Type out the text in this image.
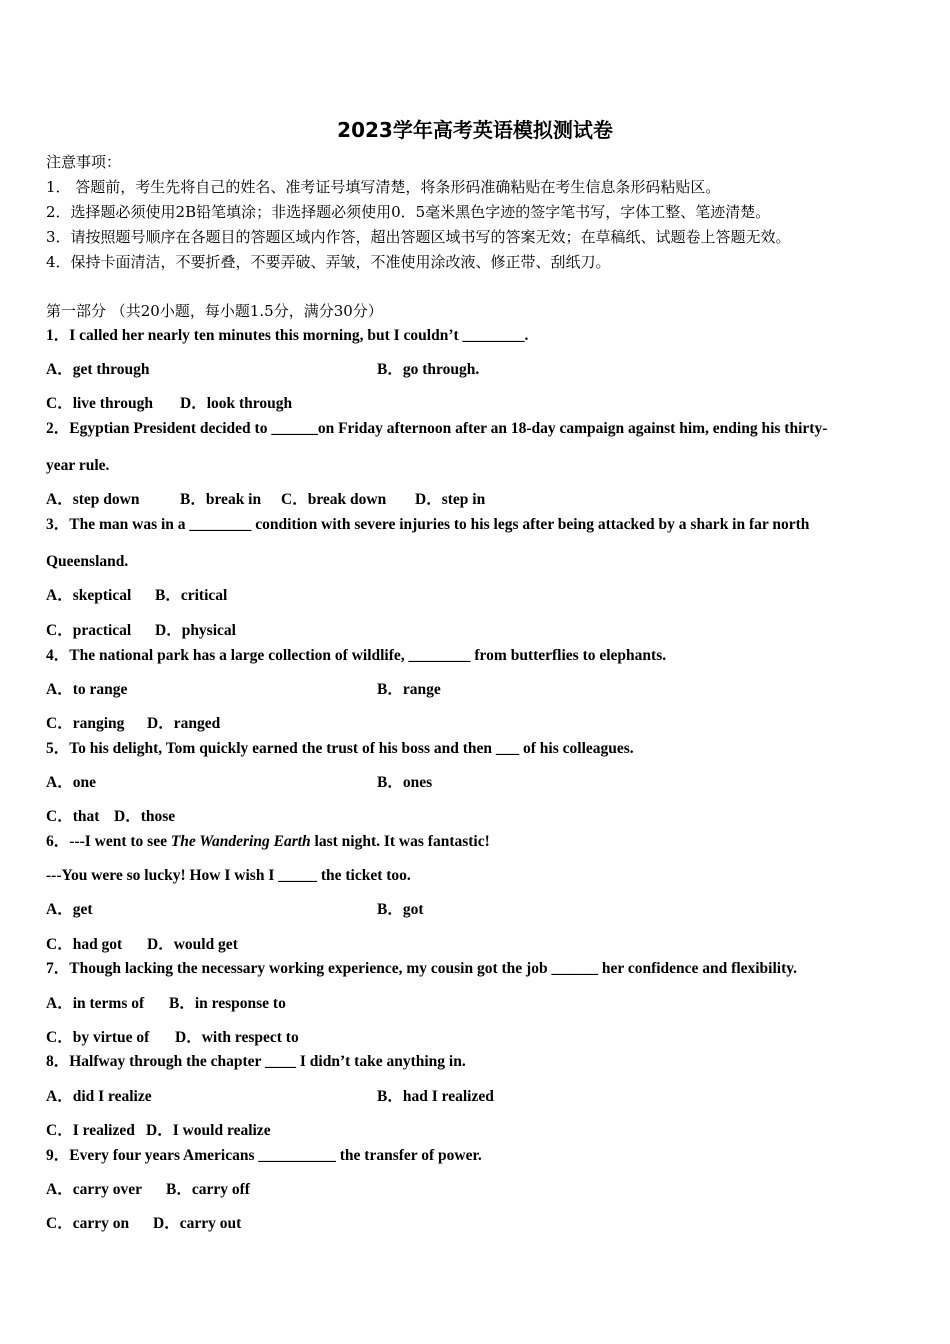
2023学年高考英语模拟测试卷
注意事项：
1． 答题前，考生先将自己的姓名、准考证号填写清楚，将条形码准确粘贴在考生信息条形码粘贴区。
2．选择题必须使用2B铅笔填涂；非选择题必须使用0．5毫米黑色字迹的签字笔书写，字体工整、笔迹清楚。
3．请按照题号顺序在各题目的答题区域内作答，超出答题区域书写的答案无效；在草稿纸、试题卷上答题无效。
4．保持卡面清洁，不要折叠，不要弄破、弄皱，不准使用涂改液、修正带、刮纸刀。
第一部分 （共20小题，每小题1.5分，满分30分）
1．I called her nearly ten minutes this morning, but I couldn’t ________.
A．get through	B．go through.
C．live through D．look through
2．Egyptian President decided to ______on Friday afternoon after an 18-day campaign against him, ending his thirty-
year rule.
A．step down	B．break in C．break down D．step in
3．The man was in a ________ condition with severe injuries to his legs after being attacked by a shark in far north
Queensland.
A．skeptical B．critical
C．practical D．physical
4．The national park has a large collection of wildlife, ________ from butterflies to elephants.
A．to range	B．range
C．ranging D．ranged
5．To his delight, Tom quickly earned the trust of his boss and then ___ of his colleagues.
A．one	B．ones
C．that D．those
6．---I went to see The Wandering Earth last night. It was fantastic!
---You were so lucky! How I wish I _____ the ticket too.
A．get	B．got
C．had got D．would get
7．Though lacking the necessary working experience, my cousin got the job ______ her confidence and flexibility.
A．in terms of B．in response to
C．by virtue of D．with respect to
8．Halfway through the chapter ____ I didn’t take anything in.
A．did I realize	B．had I realized
C．I realized D．I would realize
9．Every four years Americans __________ the transfer of power.
A．carry over B．carry off
C．carry on D．carry out
